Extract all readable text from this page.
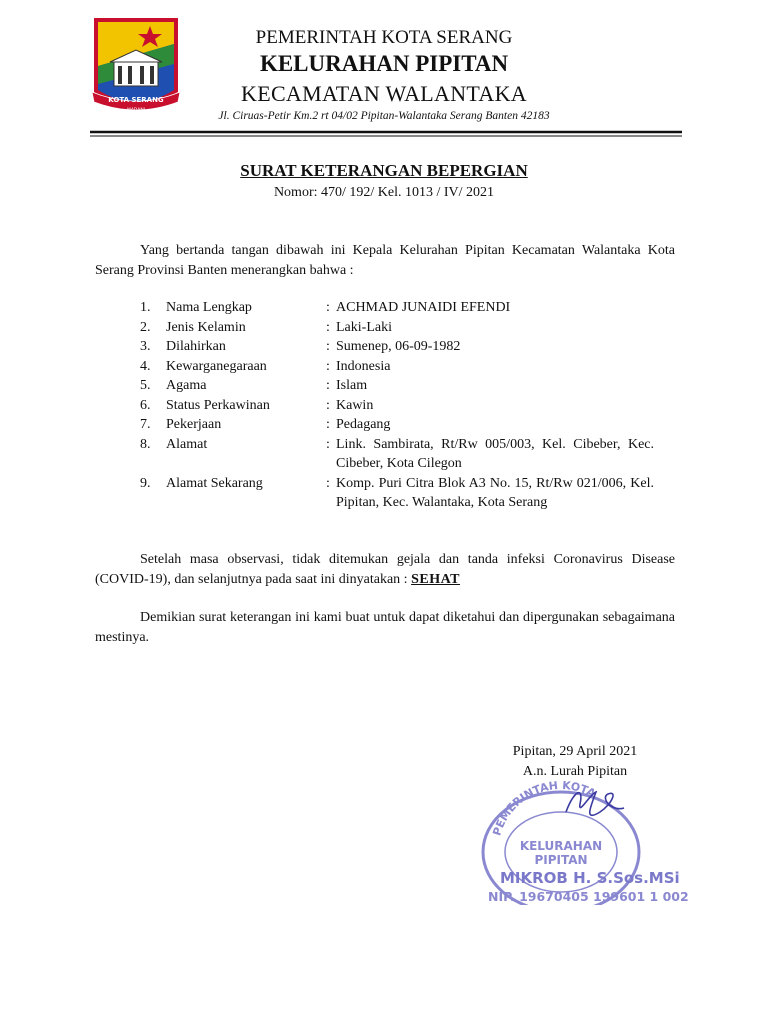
KOTA SERANG
MADANI
PEMERINTAH KOTA SERANG
KELURAHAN PIPITAN
KECAMATAN WALANTAKA
Jl. Ciruas-Petir Km.2 rt 04/02 Pipitan-Walantaka Serang Banten 42183
SURAT KETERANGAN BEPERGIAN
Nomor: 470/ 192/ Kel. 1013 / IV/ 2021
Yang bertanda tangan dibawah ini Kepala Kelurahan Pipitan Kecamatan Walantaka Kota Serang Provinsi Banten menerangkan bahwa :
1.	Nama Lengkap	: ACHMAD JUNAIDI EFENDI
2.	Jenis Kelamin	: Laki-Laki
3.	Dilahirkan	: Sumenep, 06-09-1982
4.	Kewarganegaraan	: Indonesia
5.	Agama	: Islam
6.	Status Perkawinan	: Kawin
7.	Pekerjaan	: Pedagang
8.	Alamat	: Link. Sambirata, Rt/Rw 005/003, Kel. Cibeber, Kec. Cibeber, Kota Cilegon
9.	Alamat Sekarang	: Komp. Puri Citra Blok A3 No. 15, Rt/Rw 021/006, Kel. Pipitan, Kec. Walantaka, Kota Serang
Setelah masa observasi, tidak ditemukan gejala dan tanda infeksi Coronavirus Disease (COVID-19), dan selanjutnya pada saat ini dinyatakan : SEHAT
Demikian surat keterangan ini kami buat untuk dapat diketahui dan dipergunakan sebagaimana mestinya.
Pipitan, 29 April 2021
A.n. Lurah Pipitan
PEMERINTAH KOTA
KELURAHAN
PIPITAN
MIKROB H. S.Sos.MSi
NIP. 19670405 199601 1 002
